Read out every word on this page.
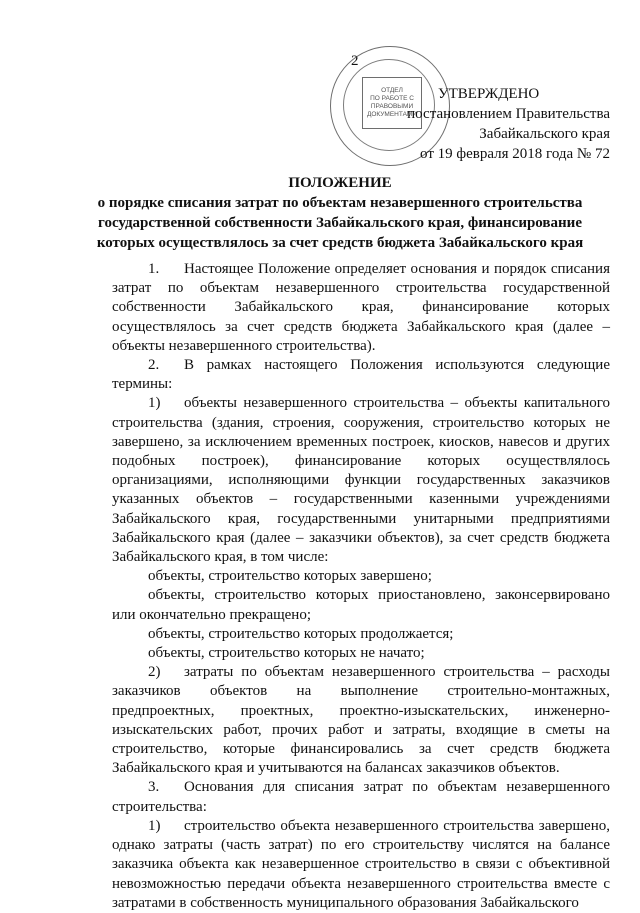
2
ОТДЕЛ
ПО РАБОТЕ С
ПРАВОВЫМИ
ДОКУМЕНТАМИ
УТВЕРЖДЕНО
постановлением Правительства
Забайкальского края
от 19 февраля 2018 года № 72
ПОЛОЖЕНИЕ
о порядке списания затрат по объектам незавершенного строительства
государственной собственности Забайкальского края, финансирование
которых осуществлялось за счет средств бюджета Забайкальского края

1. Настоящее Положение определяет основания и порядок списания затрат по объектам незавершенного строительства государственной собственности Забайкальского края, финансирование которых осуществлялось за счет средств бюджета Забайкальского края (далее – объекты незавершенного строительства).

2. В рамках настоящего Положения используются следующие термины:

1) объекты незавершенного строительства – объекты капитального строительства (здания, строения, сооружения, строительство которых не завершено, за исключением временных построек, киосков, навесов и других подобных построек), финансирование которых осуществлялось организациями, исполняющими функции государственных заказчиков указанных объектов – государственными казенными учреждениями Забайкальского края, государственными унитарными предприятиями Забайкальского края (далее – заказчики объектов), за счет средств бюджета Забайкальского края, в том числе:

объекты, строительство которых завершено;

объекты, строительство которых приостановлено, законсервировано или окончательно прекращено;

объекты, строительство которых продолжается;

объекты, строительство которых не начато;

2) затраты по объектам незавершенного строительства – расходы заказчиков объектов на выполнение строительно-монтажных, предпроектных, проектных, проектно-изыскательских, инженерно-изыскательских работ, прочих работ и затраты, входящие в сметы на строительство, которые финансировались за счет средств бюджета Забайкальского края и учитываются на балансах заказчиков объектов.

3. Основания для списания затрат по объектам незавершенного строительства:

1) строительство объекта незавершенного строительства завершено, однако затраты (часть затрат) по его строительству числятся на балансе заказчика объекта как незавершенное строительство в связи с объективной невозможностью передачи объекта незавершенного строительства вместе с затратами в собственность муниципального образования Забайкальского
